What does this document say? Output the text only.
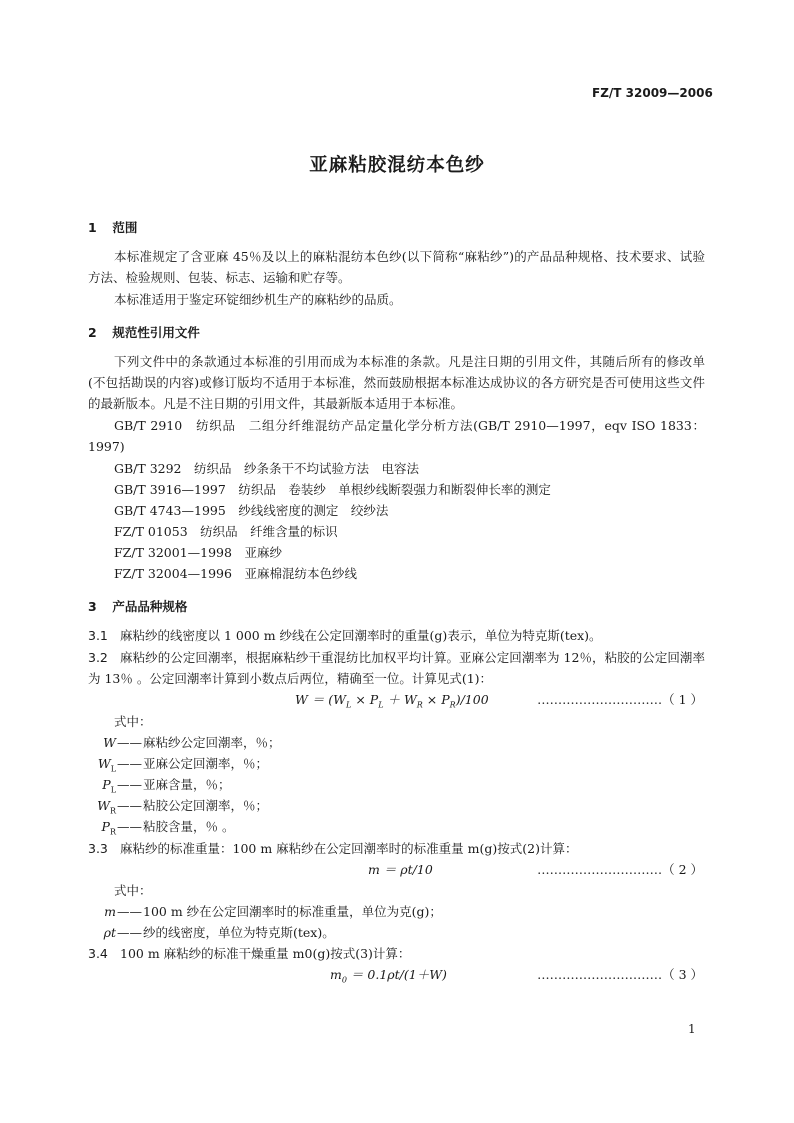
FZ/T 32009—2006
亚麻粘胶混纺本色纱
1 范围
本标准规定了含亚麻 45％及以上的麻粘混纺本色纱(以下简称“麻粘纱”)的产品品种规格、技术要求、试验方法、检验规则、包装、标志、运输和贮存等。
本标准适用于鉴定环锭细纱机生产的麻粘纱的品质。
2 规范性引用文件
下列文件中的条款通过本标准的引用而成为本标准的条款。凡是注日期的引用文件，其随后所有的修改单(不包括勘误的内容)或修订版均不适用于本标准，然而鼓励根据本标准达成协议的各方研究是否可使用这些文件的最新版本。凡是不注日期的引用文件，其最新版本适用于本标准。
GB/T 2910　纺织品　二组分纤维混纺产品定量化学分析方法(GB/T 2910—1997，eqv ISO 1833：1997)
GB/T 3292　纺织品　纱条条干不均试验方法　电容法
GB/T 3916—1997　纺织品　卷装纱　单根纱线断裂强力和断裂伸长率的测定
GB/T 4743—1995　纱线线密度的测定　绞纱法
FZ/T 01053　纺织品　纤维含量的标识
FZ/T 32001—1998　亚麻纱
FZ/T 32004—1996　亚麻棉混纺本色纱线
3 产品品种规格
3.1 麻粘纱的线密度以 1 000 m 纱线在公定回潮率时的重量(g)表示，单位为特克斯(tex)。
3.2 麻粘纱的公定回潮率，根据麻粘纱干重混纺比加权平均计算。亚麻公定回潮率为 12％，粘胶的公定回潮率为 13％ 。公定回潮率计算到小数点后两位，精确至一位。计算见式(1)：
$W = (W_L \times P_L + W_R \times P_R)/100$	…………………………（ 1 ）
式中：
W——麻粘纱公定回潮率，％；
$W_L——$亚麻公定回潮率，％；
$P_L——$亚麻含量，％；
$W_R——$粘胶公定回潮率，％；
$P_R——$粘胶含量，％ 。
3.3 麻粘纱的标准重量：100 m 麻粘纱在公定回潮率时的标准重量 m(g)按式(2)计算：
m ＝ ρt/10	…………………………（ 2 ）
式中：
m——100 m 纱在公定回潮率时的标准重量，单位为克(g)；
ρt——纱的线密度，单位为特克斯(tex)。
3.4 100 m 麻粘纱的标准干燥重量 m0(g)按式(3)计算：
$m_0 = 0.1\rho t/(1+W)$	…………………………（ 3 ）
1
